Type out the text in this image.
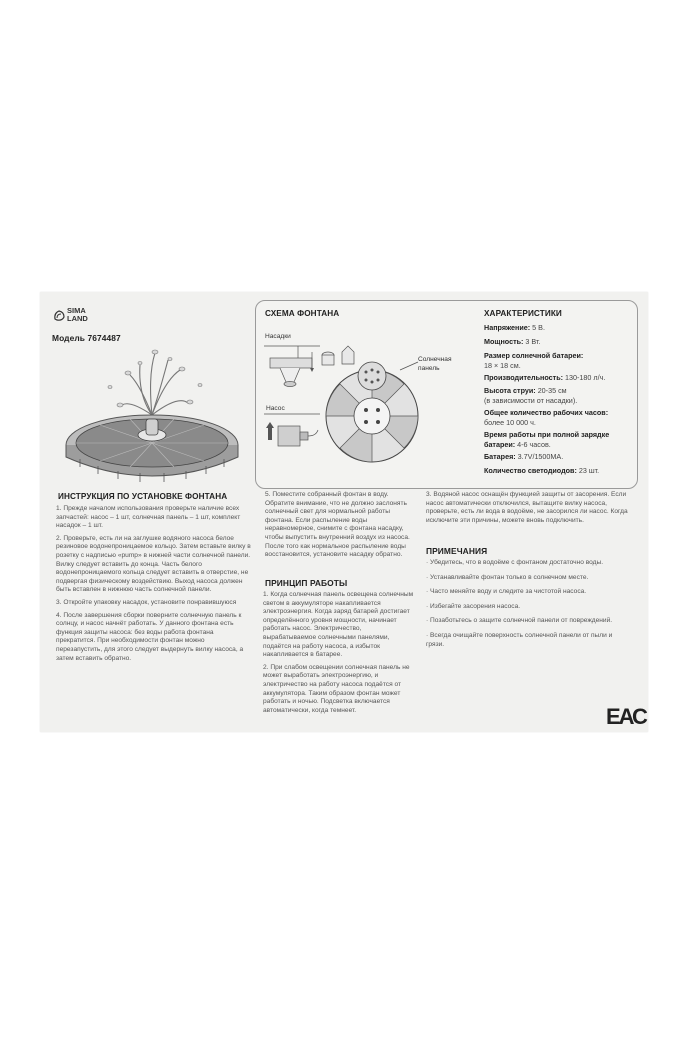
SIMA
LAND
Модель 7674487
ИНСТРУКЦИЯ ПО УСТАНОВКЕ ФОНТАНА

1. Прежде началом использования проверьте наличие всех запчастей: насос – 1 шт, солнечная панель – 1 шт, комплект насадок – 1 шт.

2. Проверьте, есть ли на заглушке водяного насоса белое резиновое водонепроницаемое кольцо. Затем вставьте вилку в розетку с надписью «pump» в нижней части солнечной панели. Вилку следует вставить до конца. Часть белого водонепроницаемого кольца следует вставить в отверстие, не подвергая физическому воздействию. Выход насоса должен быть вставлен в нижнюю часть солнечной панели.

3. Откройте упаковку насадок, установите понравившуюся

4. После завершения сборки поверните солнечную панель к солнцу, и насос начнёт работать. У данного фонтана есть функция защиты насоса: без воды работа фонтана прекратится. При необходимости фонтан можно перезапустить, для этого следует выдернуть вилку насоса, а затем вставить обратно.

СХЕМА ФОНТАНА
Насадки
Насос
Солнечная панель
ХАРАКТЕРИСТИКИ
Напряжение: 5 В.
Мощность: 3 Вт.
Размер солнечной батареи:
18 × 18 см.
Производительность: 130-180 л/ч.
Высота струи: 20-35 см
(в зависимости от насадки).
Общее количество рабочих часов:
более 10 000 ч.
Время работы при полной зарядке батареи: 4-6 часов.
Батарея: 3.7V/1500MA.
Количество светодиодов: 23 шт.
5. Поместите собранный фонтан в воду. Обратите внимание, что не должно заслонять солнечный свет для нормальной работы фонтана. Если распыление воды неравномерное, снимите с фонтана насадку, чтобы выпустить внутренний воздух из насоса. После того как нормальное распыление воды восстановится, установите насадку обратно.
ПРИНЦИП РАБОТЫ

1. Когда солнечная панель освещена солнечным светом в аккумуляторе накапливается электроэнергия. Когда заряд батарей достигает определённого уровня мощности, начинает работать насос. Электричество, вырабатываемое солнечными панелями, подаётся на работу насоса, а избыток накапливается в батарее.

2. При слабом освещении солнечная панель не может выработать электроэнергию, и электричество на работу насоса подаётся от аккумулятора. Таким образом фонтан может работать и ночью. Подсветка включается автоматически, когда темнеет.

3. Водяной насос оснащён функцией защиты от засорения. Если насос автоматически отключился, вытащите вилку насоса, проверьте, есть ли вода в водоёме, не засорился ли насос. Когда исключите эти причины, можете вновь подключить.
ПРИМЕЧАНИЯ

· Убедитесь, что в водоёме с фонтаном достаточно воды.

· Устанавливайте фонтан только в солнечном месте.

· Часто меняйте воду и следите за чистотой насоса.

· Избегайте засорения насоса.

· Позаботьтесь о защите солнечной панели от повреждений.

· Всегда очищайте поверхность солнечной панели от пыли и грязи.

ЕАС
